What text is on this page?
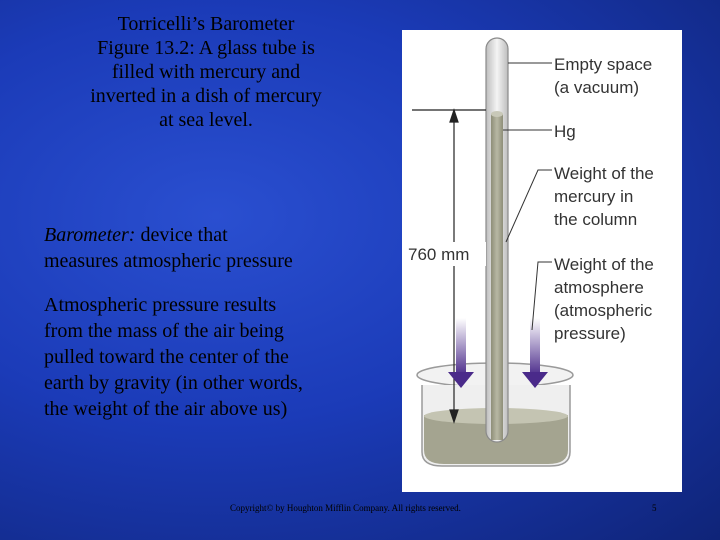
Torricelli’s Barometer
Figure 13.2: A glass tube is
filled with mercury and
inverted in a dish of mercury
at sea level.
Barometer: device that
measures atmospheric pressure
Atmospheric pressure results
from the mass of the air being
pulled toward the center of the
earth by gravity (in other words,
the weight of the air above us)
760 mm
Empty space (a vacuum)
Hg
Weight of the mercury in the column
Weight of the atmosphere (atmospheric pressure)
Copyright© by Houghton Mifflin Company. All rights reserved.	5
